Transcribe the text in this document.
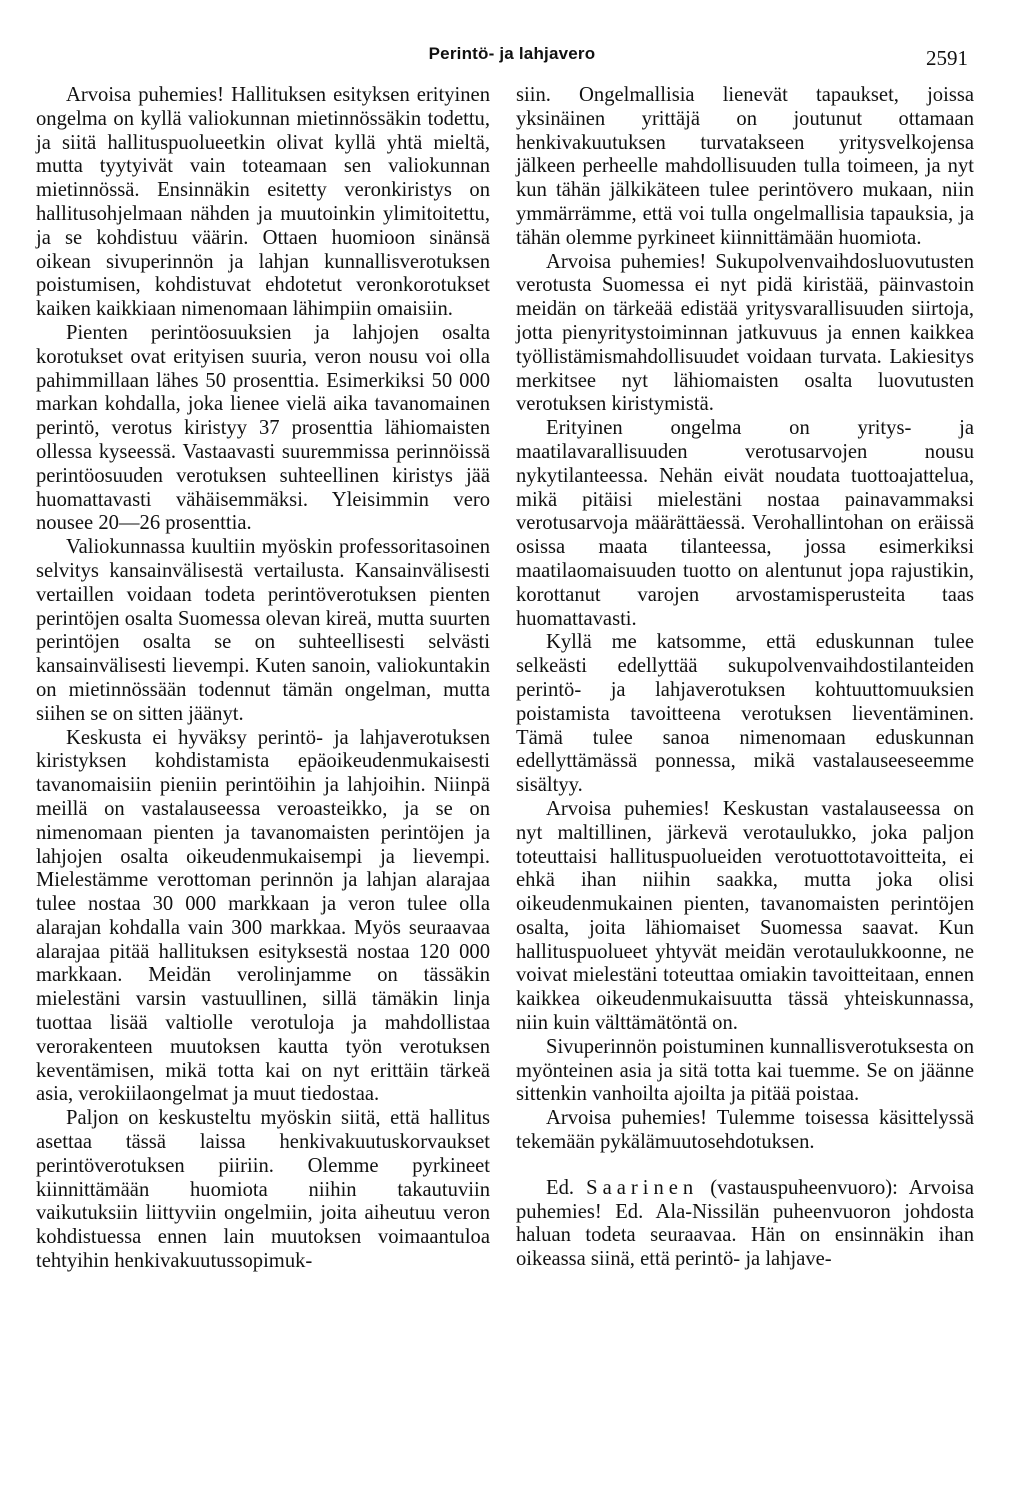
Perintö- ja lahjavero	2591

Arvoisa puhemies! Hallituksen esityksen erityinen ongelma on kyllä valiokunnan mietinnössäkin todettu, ja siitä hallituspuolueetkin olivat kyllä yhtä mieltä, mutta tyytyivät vain toteamaan sen valiokunnan mietinnössä. Ensinnäkin esitetty veronkiristys on hallitusohjelmaan nähden ja muutoinkin ylimitoitettu, ja se kohdistuu väärin. Ottaen huomioon sinänsä oikean sivuperinnön ja lahjan kunnallisverotuksen poistumisen, kohdistuvat ehdotetut veronkorotukset kaiken kaikkiaan nimenomaan lähimpiin omaisiin.

Pienten perintöosuuksien ja lahjojen osalta korotukset ovat erityisen suuria, veron nousu voi olla pahimmillaan lähes 50 prosenttia. Esimerkiksi 50 000 markan kohdalla, joka lienee vielä aika tavanomainen perintö, verotus kiristyy 37 prosenttia lähiomaisten ollessa kyseessä. Vastaavasti suuremmissa perinnöissä perintöosuuden verotuksen suhteellinen kiristys jää huomattavasti vähäisemmäksi. Yleisimmin vero nousee 20—26 prosenttia.

Valiokunnassa kuultiin myöskin professoritasoinen selvitys kansainvälisestä vertailusta. Kansainvälisesti vertaillen voidaan todeta perintöverotuksen pienten perintöjen osalta Suomessa olevan kireä, mutta suurten perintöjen osalta se on suhteellisesti selvästi kansainvälisesti lievempi. Kuten sanoin, valiokuntakin on mietinnössään todennut tämän ongelman, mutta siihen se on sitten jäänyt.

Keskusta ei hyväksy perintö- ja lahjaverotuksen kiristyksen kohdistamista epäoikeudenmukaisesti tavanomaisiin pieniin perintöihin ja lahjoihin. Niinpä meillä on vastalauseessa veroasteikko, ja se on nimenomaan pienten ja tavanomaisten perintöjen ja lahjojen osalta oikeudenmukaisempi ja lievempi. Mielestämme verottoman perinnön ja lahjan alarajaa tulee nostaa 30 000 markkaan ja veron tulee olla alarajan kohdalla vain 300 markkaa. Myös seuraavaa alarajaa pitää hallituksen esityksestä nostaa 120 000 markkaan. Meidän verolinjamme on tässäkin mielestäni varsin vastuullinen, sillä tämäkin linja tuottaa lisää valtiolle verotuloja ja mahdollistaa verorakenteen muutoksen kautta työn verotuksen keventämisen, mikä totta kai on nyt erittäin tärkeä asia, verokiilaongelmat ja muut tiedostaa.

Paljon on keskusteltu myöskin siitä, että hallitus asettaa tässä laissa henkivakuutuskorvaukset perintöverotuksen piiriin. Olemme pyrkineet kiinnittämään huomiota niihin takautuviin vaikutuksiin liittyviin ongelmiin, joita aiheutuu veron kohdistuessa ennen lain muutoksen voimaantuloa tehtyihin henkivakuutussopimuk-

siin. Ongelmallisia lienevät tapaukset, joissa yksinäinen yrittäjä on joutunut ottamaan henkivakuutuksen turvatakseen yritysvelkojensa jälkeen perheelle mahdollisuuden tulla toimeen, ja nyt kun tähän jälkikäteen tulee perintövero mukaan, niin ymmärrämme, että voi tulla ongelmallisia tapauksia, ja tähän olemme pyrkineet kiinnittämään huomiota.

Arvoisa puhemies! Sukupolvenvaihdosluovutusten verotusta Suomessa ei nyt pidä kiristää, päinvastoin meidän on tärkeää edistää yritysvarallisuuden siirtoja, jotta pienyritystoiminnan jatkuvuus ja ennen kaikkea työllistämismahdollisuudet voidaan turvata. Lakiesitys merkitsee nyt lähiomaisten osalta luovutusten verotuksen kiristymistä.

Erityinen ongelma on yritys- ja maatilavarallisuuden verotusarvojen nousu nykytilanteessa. Nehän eivät noudata tuottoajattelua, mikä pitäisi mielestäni nostaa painavammaksi verotusarvoja määrättäessä. Verohallintohan on eräissä osissa maata tilanteessa, jossa esimerkiksi maatilaomaisuuden tuotto on alentunut jopa rajustikin, korottanut varojen arvostamisperusteita taas huomattavasti.

Kyllä me katsomme, että eduskunnan tulee selkeästi edellyttää sukupolvenvaihdostilanteiden perintö- ja lahjaverotuksen kohtuuttomuuksien poistamista tavoitteena verotuksen lieventäminen. Tämä tulee sanoa nimenomaan eduskunnan edellyttämässä ponnessa, mikä vastalauseeseemme sisältyy.

Arvoisa puhemies! Keskustan vastalauseessa on nyt maltillinen, järkevä verotaulukko, joka paljon toteuttaisi hallituspuolueiden verotuottotavoitteita, ei ehkä ihan niihin saakka, mutta joka olisi oikeudenmukainen pienten, tavanomaisten perintöjen osalta, joita lähiomaiset Suomessa saavat. Kun hallituspuolueet yhtyvät meidän verotaulukkoonne, ne voivat mielestäni toteuttaa omiakin tavoitteitaan, ennen kaikkea oikeudenmukaisuutta tässä yhteiskunnassa, niin kuin välttämätöntä on.

Sivuperinnön poistuminen kunnallisverotuksesta on myönteinen asia ja sitä totta kai tuemme. Se on jäänne sittenkin vanhoilta ajoilta ja pitää poistaa.

Arvoisa puhemies! Tulemme toisessa käsittelyssä tekemään pykälämuutosehdotuksen.

Ed. Saarinen (vastauspuheenvuoro): Arvoisa puhemies! Ed. Ala-Nissilän puheenvuoron johdosta haluan todeta seuraavaa. Hän on ensinnäkin ihan oikeassa siinä, että perintö- ja lahjave-
